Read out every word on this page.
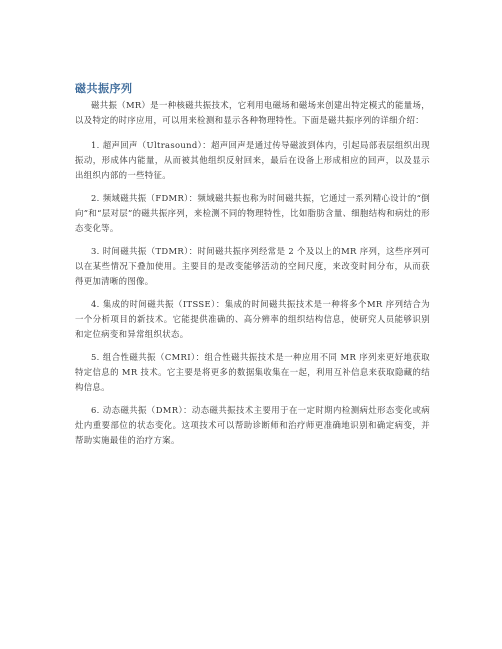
磁共振序列

磁共振（MR）是一种核磁共振技术，它利用电磁场和磁场来创建出特定模式的能量场，以及特定的时序应用，可以用来检测和显示各种物理特性。下面是磁共振序列的详细介绍：

1. 超声回声（Ultrasound）：超声回声是通过传导磁波到体内，引起局部表层组织出现振动，形成体内能量，从而被其他组织反射回来，最后在设备上形成相应的回声，以及显示出组织内部的一些特征。

2. 频域磁共振（FDMR）：频域磁共振也称为时间磁共振，它通过一系列精心设计的“倒向”和“层对层”的磁共振序列，来检测不同的物理特性，比如脂肪含量、细胞结构和病灶的形态变化等。

3. 时间磁共振（TDMR）：时间磁共振序列经常是 2 个及以上的MR 序列，这些序列可以在某些情况下叠加使用。主要目的是改变能够活动的空间尺度，来改变时间分布，从而获得更加清晰的图像。

4. 集成的时间磁共振（ITSSE）：集成的时间磁共振技术是一种将多个MR 序列结合为一个分析项目的新技术。它能提供准确的、高分辨率的组织结构信息，使研究人员能够识别和定位病变和异常组织状态。

5. 组合性磁共振（CMRI）：组合性磁共振技术是一种应用不同 MR 序列来更好地获取特定信息的 MR 技术。它主要是将更多的数据集收集在一起，利用互补信息来获取隐藏的结构信息。

6. 动态磁共振（DMR）：动态磁共振技术主要用于在一定时期内检测病灶形态变化或病灶内重要部位的状态变化。这项技术可以帮助诊断师和治疗师更准确地识别和确定病变，并帮助实施最佳的治疗方案。
